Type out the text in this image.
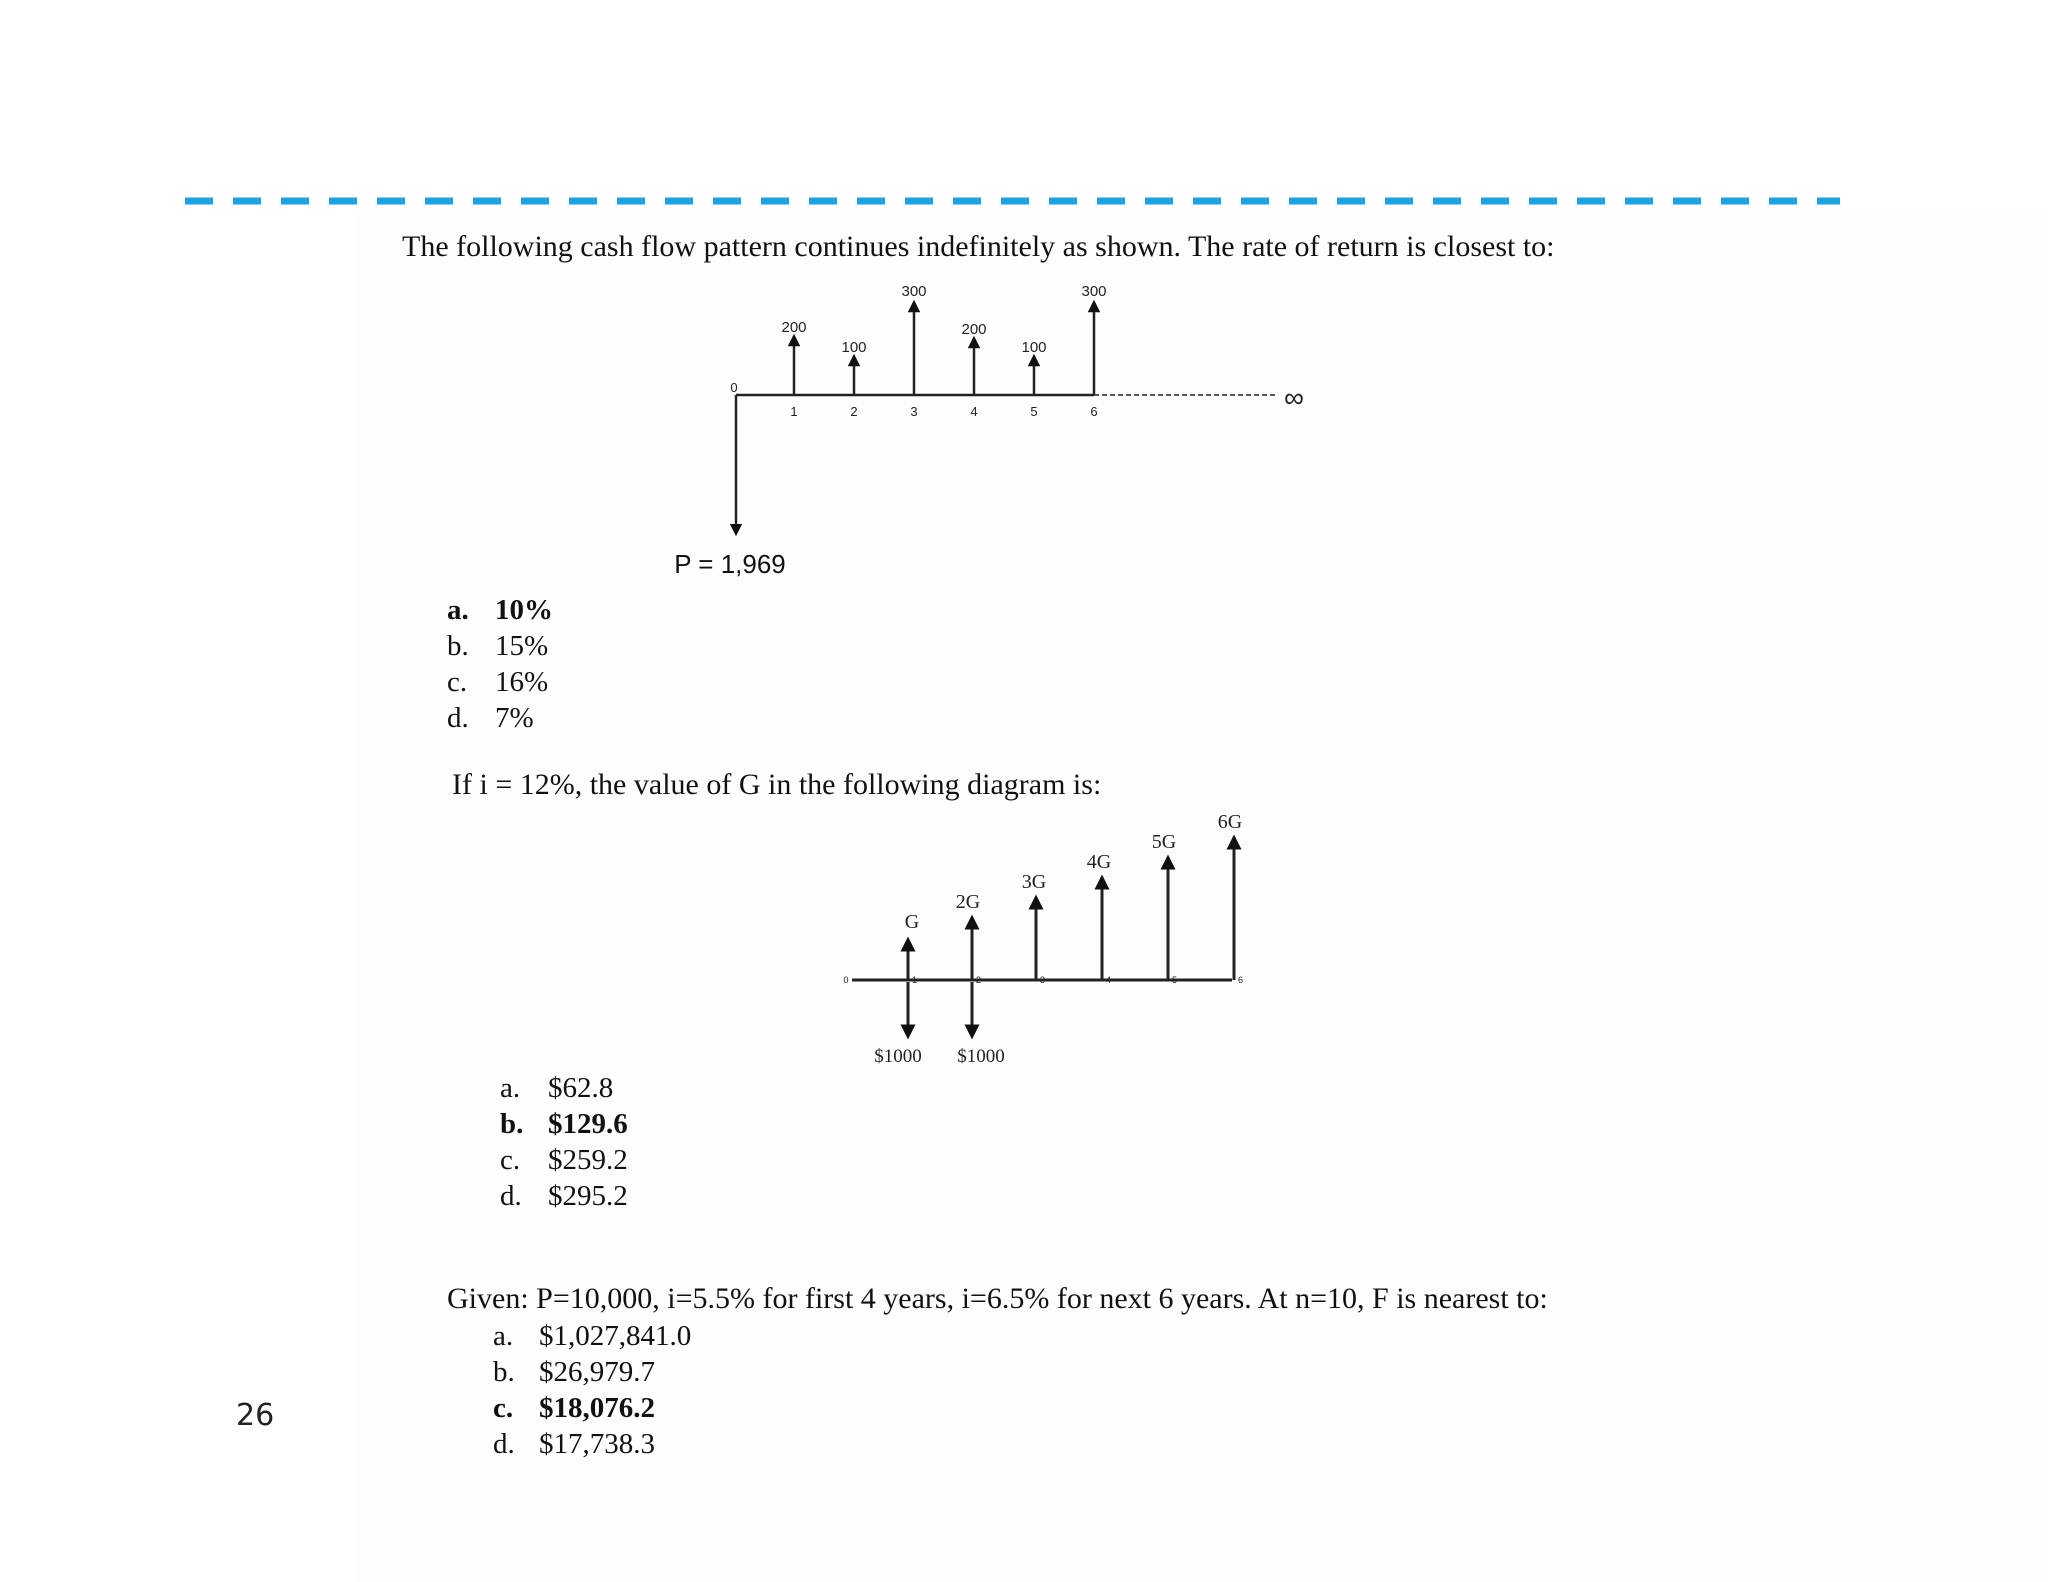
The following cash flow pattern continues indefinitely as shown. The rate of return is closest to:
0
1	2	3	4	5	6
200
100
300
200
100
300
∞
P = 1,969
a. 10%
b. 15%
c. 16%
d. 7%
If i = 12%, the value of G in the following diagram is:
0	1	2	3	4	5	6
G
2G
3G
4G
5G
6G
$1000 $1000
a. $62.8
b. $129.6
c. $259.2
d. $295.2
Given: P=10,000, i=5.5% for first 4 years, i=6.5% for next 6 years. At n=10, F is nearest to:
a. $1,027,841.0
b. $26,979.7
c. $18,076.2
d. $17,738.3
26
